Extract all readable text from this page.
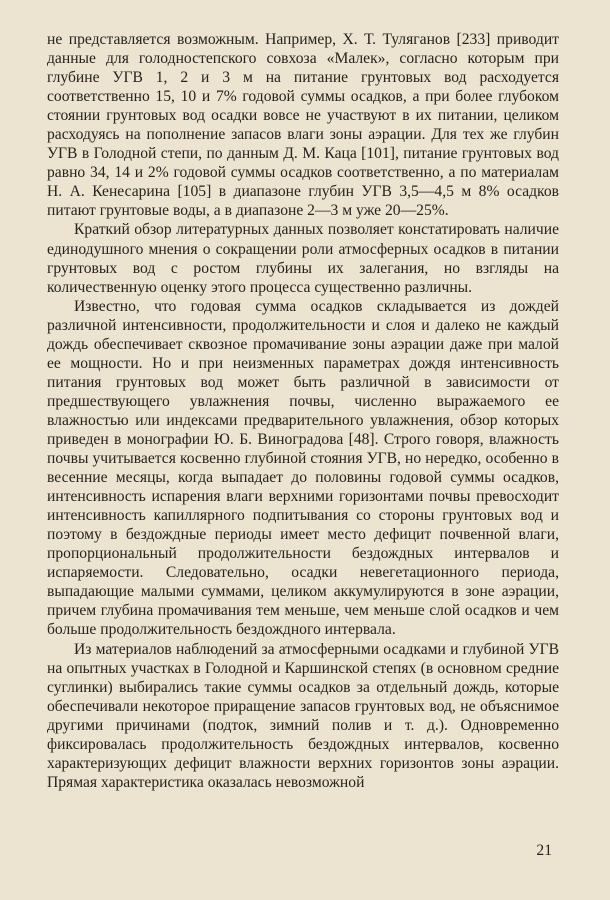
не представляется возможным. Например, Х. Т. Туляганов [233] приводит данные для голодностепского совхоза «Малек», согласно которым при глубине УГВ 1, 2 и 3 м на питание грунтовых вод расходуется соответственно 15, 10 и 7% годовой суммы осадков, а при более глубоком стоянии грунтовых вод осадки вовсе не участвуют в их питании, целиком расходуясь на пополнение запасов влаги зоны аэрации. Для тех же глубин УГВ в Голодной степи, по данным Д. М. Каца [101], питание грунтовых вод равно 34, 14 и 2% годовой суммы осадков соответственно, а по материалам Н. А. Кенесарина [105] в диапазоне глубин УГВ 3,5—4,5 м 8% осадков питают грунтовые воды, а в диапазоне 2—3 м уже 20—25%.

Краткий обзор литературных данных позволяет констатировать наличие единодушного мнения о сокращении роли атмосферных осадков в питании грунтовых вод с ростом глубины их залегания, но взгляды на количественную оценку этого процесса существенно различны.

Известно, что годовая сумма осадков складывается из дождей различной интенсивности, продолжительности и слоя и далеко не каждый дождь обеспечивает сквозное промачивание зоны аэрации даже при малой ее мощности. Но и при неизменных параметрах дождя интенсивность питания грунтовых вод может быть различной в зависимости от предшествующего увлажнения почвы, численно выражаемого ее влажностью или индексами предварительного увлажнения, обзор которых приведен в монографии Ю. Б. Виноградова [48]. Строго говоря, влажность почвы учитывается косвенно глубиной стояния УГВ, но нередко, особенно в весенние месяцы, когда выпадает до половины годовой суммы осадков, интенсивность испарения влаги верхними горизонтами почвы превосходит интенсивность капиллярного подпитывания со стороны грунтовых вод и поэтому в бездождные периоды имеет место дефицит почвенной влаги, пропорциональный продолжительности бездождных интервалов и испаряемости. Следовательно, осадки невегетационного периода, выпадающие малыми суммами, целиком аккумулируются в зоне аэрации, причем глубина промачивания тем меньше, чем меньше слой осадков и чем больше продолжительность бездождного интервала.

Из материалов наблюдений за атмосферными осадками и глубиной УГВ на опытных участках в Голодной и Каршинской степях (в основном средние суглинки) выбирались такие суммы осадков за отдельный дождь, которые обеспечивали некоторое приращение запасов грунтовых вод, не объяснимое другими причинами (подток, зимний полив и т. д.). Одновременно фиксировалась продолжительность бездождных интервалов, косвенно характеризующих дефицит влажности верхних горизонтов зоны аэрации. Прямая характеристика оказалась невозможной

21
